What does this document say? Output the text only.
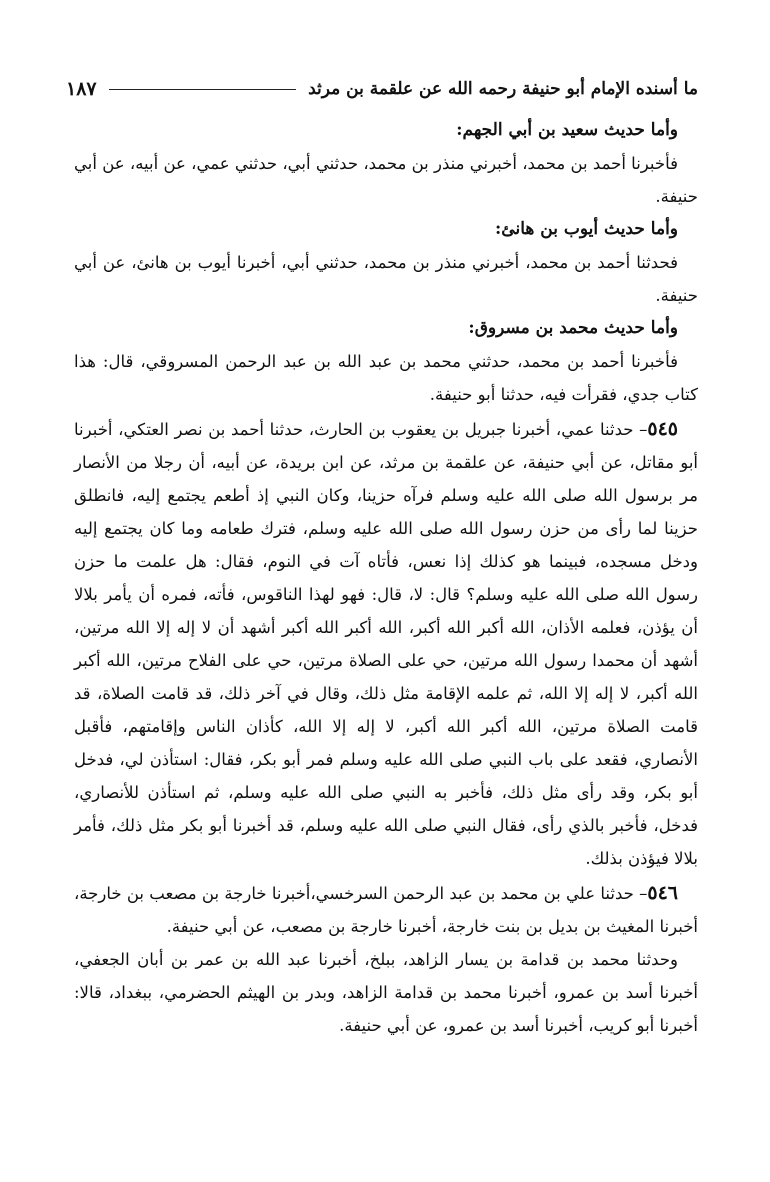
ما أسنده الإمام أبو حنيفة رحمه الله عن علقمة بن مرثد
١٨٧

وأما حديث سعيد بن أبي الجهم:

فأخبرنا أحمد بن محمد، أخبرني منذر بن محمد، حدثني أبي، حدثني عمي، عن أبيه، عن أبي حنيفة.

وأما حديث أيوب بن هانئ:

فحدثنا أحمد بن محمد، أخبرني منذر بن محمد، حدثني أبي، أخبرنا أيوب بن هانئ، عن أبي حنيفة.

وأما حديث محمد بن مسروق:

فأخبرنا أحمد بن محمد، حدثني محمد بن عبد الله بن عبد الرحمن المسروقي، قال: هذا كتاب جدي، فقرأت فيه، حدثنا أبو حنيفة.

٥٤٥– حدثنا عمي، أخبرنا جبريل بن يعقوب بن الحارث، حدثنا أحمد بن نصر العتكي، أخبرنا أبو مقاتل، عن أبي حنيفة، عن علقمة بن مرثد، عن ابن بريدة، عن أبيه، أن رجلا من الأنصار مر برسول الله صلى الله عليه وسلم فرآه حزينا، وكان النبي إذ أطعم يجتمع إليه، فانطلق حزينا لما رأى من حزن رسول الله صلى الله عليه وسلم، فترك طعامه وما كان يجتمع إليه ودخل مسجده، فبينما هو كذلك إذا نعس، فأتاه آت في النوم، فقال: هل علمت ما حزن رسول الله صلى الله عليه وسلم؟ قال: لا، قال: فهو لهذا الناقوس، فأته، فمره أن يأمر بلالا أن يؤذن، فعلمه الأذان، الله أكبر الله أكبر، الله أكبر الله أكبر أشهد أن لا إله إلا الله مرتين، أشهد أن محمدا رسول الله مرتين، حي على الصلاة مرتين، حي على الفلاح مرتين، الله أكبر الله أكبر، لا إله إلا الله، ثم علمه الإقامة مثل ذلك، وقال في آخر ذلك، قد قامت الصلاة، قد قامت الصلاة مرتين، الله أكبر الله أكبر، لا إله إلا الله، كأذان الناس وإقامتهم، فأقبل الأنصاري، فقعد على باب النبي صلى الله عليه وسلم فمر أبو بكر، فقال: استأذن لي، فدخل أبو بكر، وقد رأى مثل ذلك، فأخبر به النبي صلى الله عليه وسلم، ثم استأذن للأنصاري، فدخل، فأخبر بالذي رأى، فقال النبي صلى الله عليه وسلم، قد أخبرنا أبو بكر مثل ذلك، فأمر بلالا فيؤذن بذلك.

٥٤٦– حدثنا علي بن محمد بن عبد الرحمن السرخسي،أخبرنا خارجة بن مصعب بن خارجة، أخبرنا المغيث بن بديل بن بنت خارجة، أخبرنا خارجة بن مصعب، عن أبي حنيفة.

وحدثنا محمد بن قدامة بن يسار الزاهد، ببلخ، أخبرنا عبد الله بن عمر بن أبان الجعفي، أخبرنا أسد بن عمرو، أخبرنا محمد بن قدامة الزاهد، وبدر بن الهيثم الحضرمي، ببغداد، قالا: أخبرنا أبو كريب، أخبرنا أسد بن عمرو، عن أبي حنيفة.
